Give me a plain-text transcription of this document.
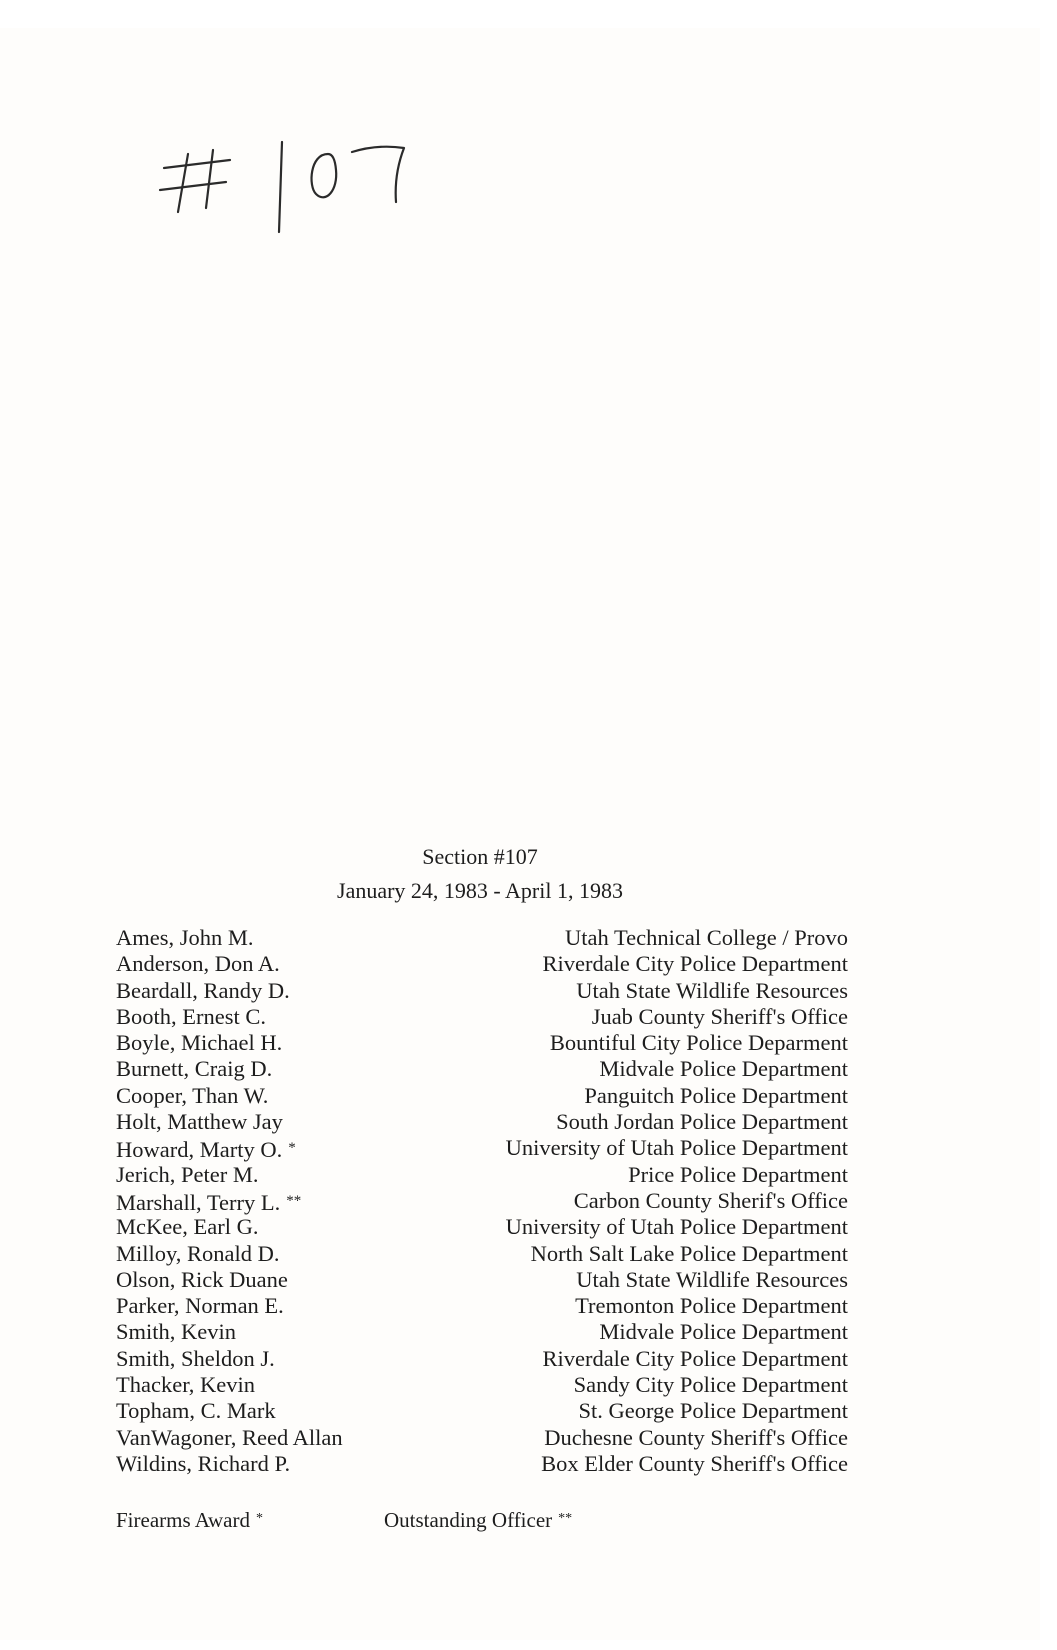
Section #107
January 24, 1983 - April 1, 1983
Ames, John M.	Utah Technical College / Provo
Anderson, Don A.	Riverdale City Police Department
Beardall, Randy D.	Utah State Wildlife Resources
Booth, Ernest C.	Juab County Sheriff's Office
Boyle, Michael H.	Bountiful City Police Deparment
Burnett, Craig D.	Midvale Police Department
Cooper, Than W.	Panguitch Police Department
Holt, Matthew Jay	South Jordan Police Department
Howard, Marty O. *	University of Utah Police Department
Jerich, Peter M.	Price Police Department
Marshall, Terry L. **	Carbon County Sherif's Office
McKee, Earl G.	University of Utah Police Department
Milloy, Ronald D.	North Salt Lake Police Department
Olson, Rick Duane	Utah State Wildlife Resources
Parker, Norman E.	Tremonton Police Department
Smith, Kevin	Midvale Police Department
Smith, Sheldon J.	Riverdale City Police Department
Thacker, Kevin	Sandy City Police Department
Topham, C. Mark	St. George Police Department
VanWagoner, Reed Allan	Duchesne County Sheriff's Office
Wildins, Richard P.	Box Elder County Sheriff's Office
Firearms Award *	Outstanding Officer **
